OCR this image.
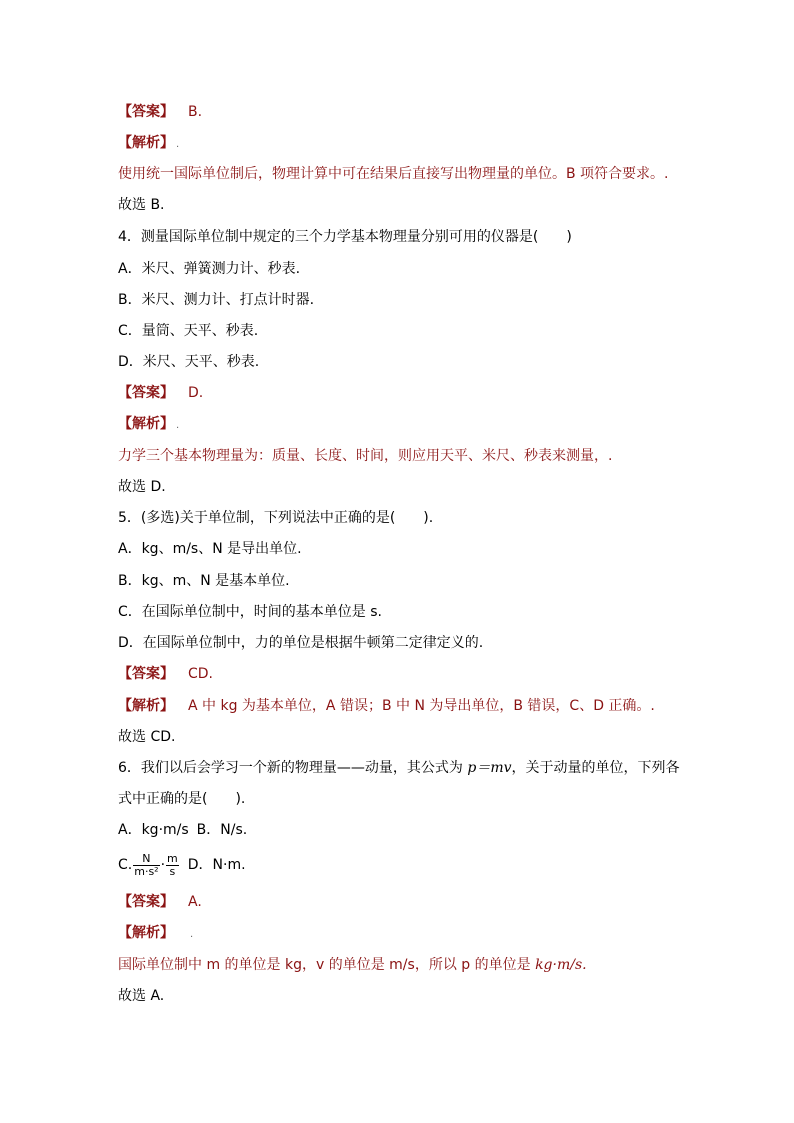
【答案】 B.
【解析】 .
使用统一国际单位制后，物理计算中可在结果后直接写出物理量的单位。B 项符合要求。.
故选 B.
4．测量国际单位制中规定的三个力学基本物理量分别可用的仪器是(　　)
A．米尺、弹簧测力计、秒表.
B．米尺、测力计、打点计时器.
C．量筒、天平、秒表.
D．米尺、天平、秒表.
【答案】 D.
【解析】 .
力学三个基本物理量为：质量、长度、时间，则应用天平、米尺、秒表来测量，.
故选 D.
5．(多选)关于单位制，下列说法中正确的是(　　).
A．kg、m/s、N 是导出单位.
B．kg、m、N 是基本单位.
C．在国际单位制中，时间的基本单位是 s.
D．在国际单位制中，力的单位是根据牛顿第二定律定义的.
【答案】 CD.
【解析】 A 中 kg 为基本单位，A 错误；B 中 N 为导出单位，B 错误，C、D 正确。.
故选 CD.
6．我们以后会学习一个新的物理量——动量，其公式为 p＝mv，关于动量的单位，下列各
式中正确的是(　　).
A．kg·m/s B．N/s.
C. $\frac{N}{\text{m·s²}} \cdot \frac{m}{s}$ D．N·m.
【答案】 A.
【解析】 .
国际单位制中 m 的单位是 kg，v 的单位是 m/s，所以 p 的单位是 kg·m/s.
故选 A.
